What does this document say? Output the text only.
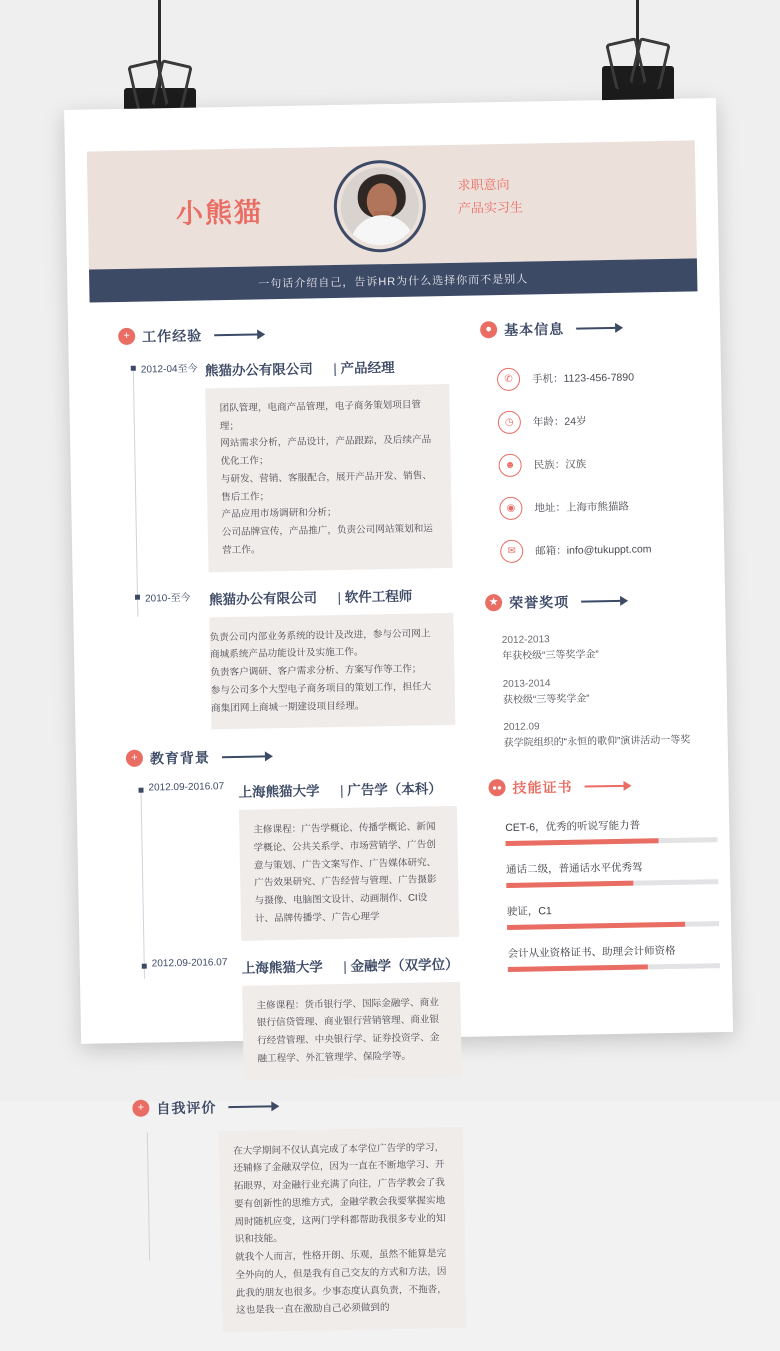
小熊猫
求职意向
产品实习生
一句话介绍自己，告诉HR为什么选择你而不是别人
+ 工作经验
2012-04至今 熊猫办公有限公司 | 产品经理

团队管理，电商产品管理，电子商务策划项目管理；
网站需求分析，产品设计，产品跟踪，及后续产品优化工作；
与研发、营销、客服配合，展开产品开发、销售、售后工作；
产品应用市场调研和分析；
公司品牌宣传，产品推广，负责公司网站策划和运营工作。

2010-至今 熊猫办公有限公司 | 软件工程师

负责公司内部业务系统的设计及改进，参与公司网上商城系统产品功能设计及实施工作。
负责客户调研、客户需求分析、方案写作等工作；
参与公司多个大型电子商务项目的策划工作，担任大商集团网上商城一期建设项目经理。

+ 教育背景
2012.09-2016.07 上海熊猫大学 | 广告学（本科）

主修课程：广告学概论、传播学概论、新闻学概论、公共关系学、市场营销学、广告创意与策划、广告文案写作、广告媒体研究、广告效果研究、广告经营与管理、广告摄影与摄像、电脑图文设计、动画制作、CI设计、品牌传播学、广告心理学

2012.09-2016.07 上海熊猫大学 | 金融学（双学位）

主修课程：货币银行学、国际金融学、商业银行信贷管理、商业银行营销管理、商业银行经营管理、中央银行学、证券投资学、金融工程学、外汇管理学、保险学等。

+ 自我评价

在大学期间不仅认真完成了本学位广告学的学习，还辅修了金融双学位，因为一直在不断地学习、开拓眼界，对金融行业充满了向往，广告学教会了我要有创新性的思维方式，金融学教会我要掌握实地周时随机应变，这两门学科都帮助我很多专业的知识和技能。
就我个人而言，性格开朗、乐观，虽然不能算是完全外向的人，但是我有自己交友的方式和方法，因此我的朋友也很多。少事态度认真负责，不拖沓，这也是我一直在激励自己必须做到的

● 基本信息
✆	手机：1123-456-7890
◷	年龄：24岁
☻	民族：汉族
◉	地址：上海市熊猫路
✉	邮箱：info@tukuppt.com
★ 荣誉奖项
2012-2013
年获校级“三等奖学金”
2013-2014
获校级“三等奖学金”
2012.09
获学院组织的“永恒的歌仰”演讲活动一等奖
●● 技能证书
CET-6，优秀的听说写能力普
通话二级，普通话水平优秀驾
驶证，C1
会计从业资格证书、助理会计师资格
